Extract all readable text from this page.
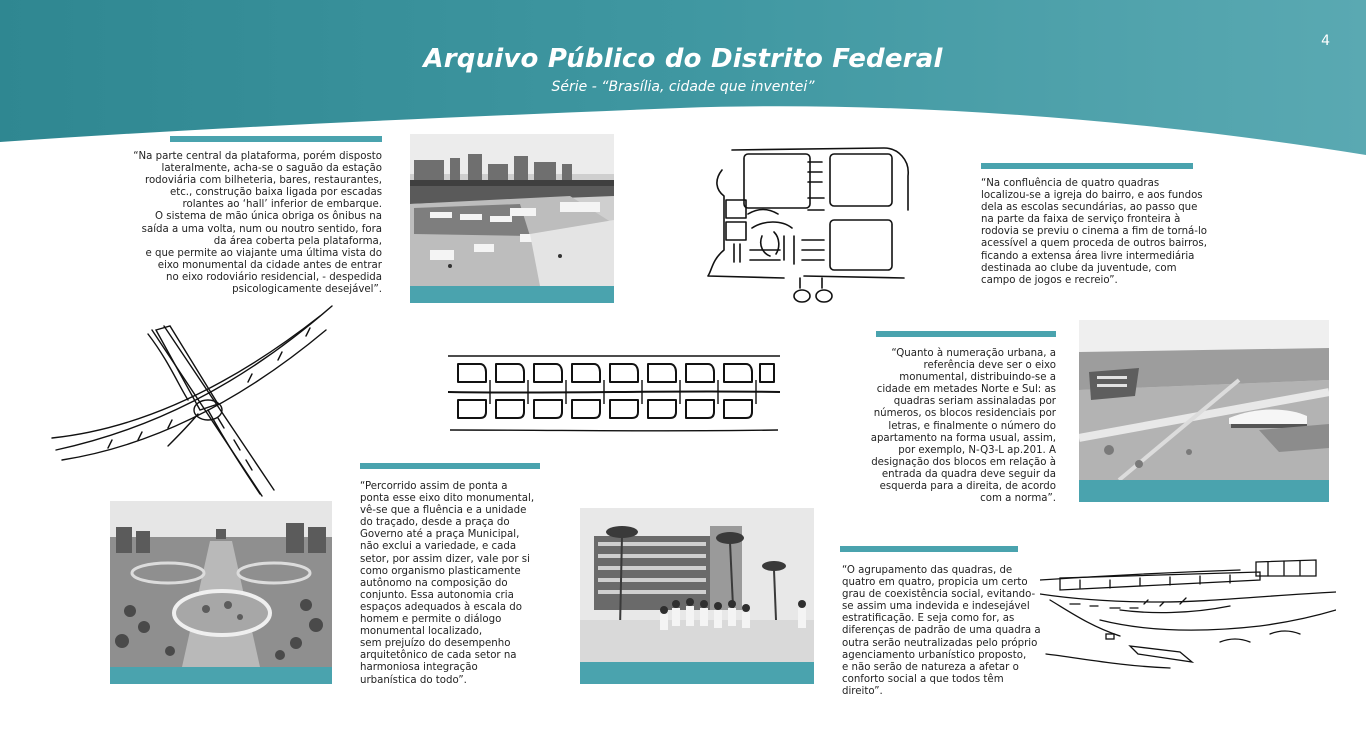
Arquivo Público do Distrito Federal
Série - “Brasília, cidade que inventei”
4
“Na parte central da plataforma, porém disposto
lateralmente, acha-se o saguão da estação
rodoviária com bilheteria, bares, restaurantes,
etc., construção baixa ligada por escadas
rolantes ao ‘hall’ inferior de embarque.
O sistema de mão única obriga os ônibus na
saída a uma volta, num ou noutro sentido, fora
da área coberta pela plataforma,
e que permite ao viajante uma última vista do
eixo monumental da cidade antes de entrar
no eixo rodoviário residencial, - despedida
psicologicamente desejável”.
“Na confluência de quatro quadras
localizou-se a igreja do bairro, e aos fundos
dela as escolas secundárias, ao passo que
na parte da faixa de serviço fronteira à
rodovia se previu o cinema a fim de torná-lo
acessível a quem proceda de outros bairros,
ficando a extensa área livre intermediária
destinada ao clube da juventude, com
campo de jogos e recreio”.
“Quanto à numeração urbana, a
referência deve ser o eixo
monumental, distribuindo-se a
cidade em metades Norte e Sul: as
quadras seriam assinaladas por
números, os blocos residenciais por
letras, e finalmente o número do
apartamento na forma usual, assim,
por exemplo, N-Q3-L ap.201. A
designação dos blocos em relação à
entrada da quadra deve seguir da
esquerda para a direita, de acordo
com a norma”.
“Percorrido assim de ponta a
ponta esse eixo dito monumental,
vê-se que a fluência e a unidade
do traçado, desde a praça do
Governo até a praça Municipal,
não exclui a variedade, e cada
setor, por assim dizer, vale por si
como organismo plasticamente
autônomo na composição do
conjunto. Essa autonomia cria
espaços adequados à escala do
homem e permite o diálogo
monumental localizado,
sem prejuízo do desempenho
arquitetônico de cada setor na
harmoniosa integração
urbanística do todo”.
“O agrupamento das quadras, de
quatro em quatro, propicia um certo
grau de coexistência social, evitando-
se assim uma indevida e indesejável
estratificação. E seja como for, as
diferenças de padrão de uma quadra a
outra serão neutralizadas pelo próprio
agenciamento urbanístico proposto,
e não serão de natureza a afetar o
conforto social a que todos têm direito”.
